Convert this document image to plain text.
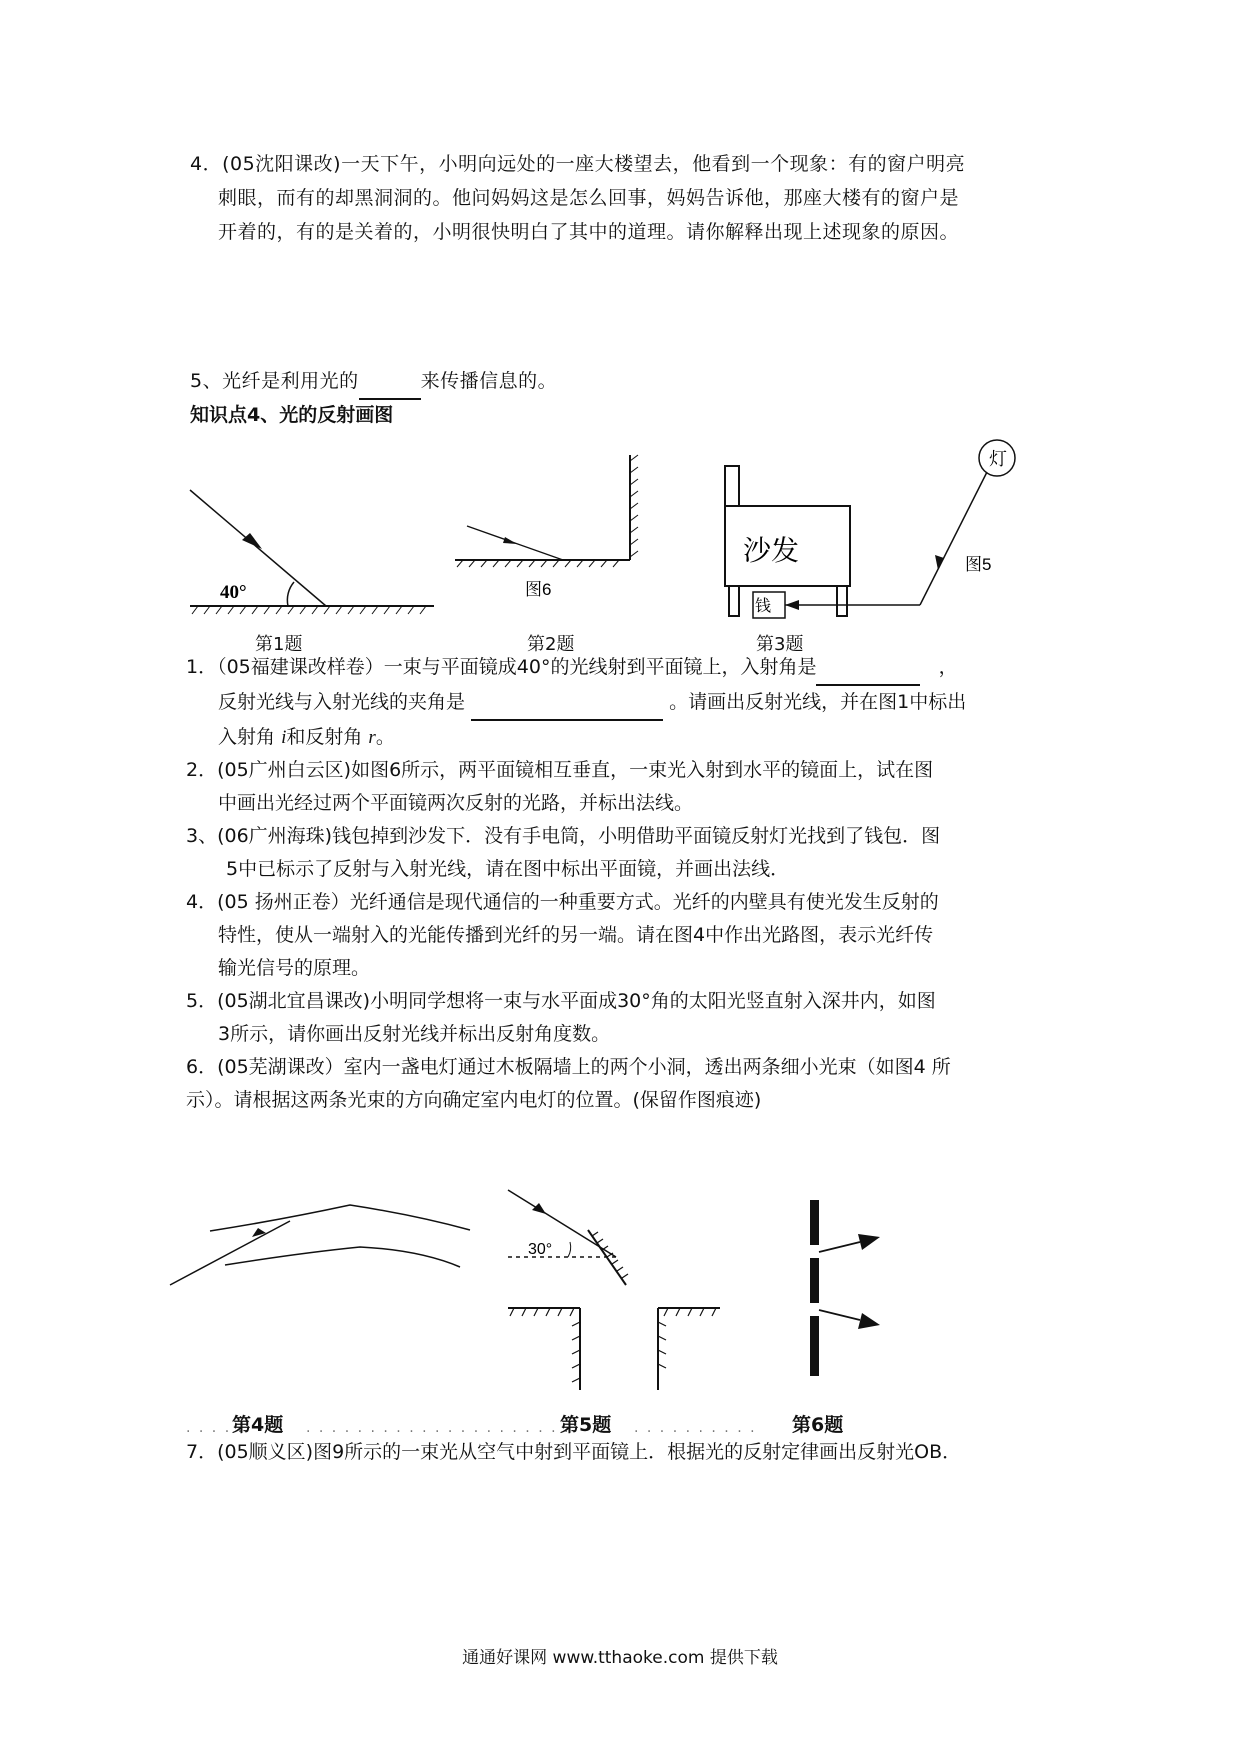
4．(05沈阳课改)一天下午，小明向远处的一座大楼望去，他看到一个现象：有的窗户明亮
刺眼，而有的却黑洞洞的。他问妈妈这是怎么回事，妈妈告诉他，那座大楼有的窗户是
开着的，有的是关着的，小明很快明白了其中的道理。请你解释出现上述现象的原因。
5、光纤是利用光的	来传播信息的。
知识点4、光的反射画图
40°	图6
沙发
钱
灯
图5
第1题	第2题	第3题
1．（05福建课改样卷）一束与平面镜成40°的光线射到平面镜上，入射角是	，
反射光线与入射光线的夹角是	。请画出反射光线，并在图1中标出
入射角 i和反射角 r。
2．(05广州白云区)如图6所示，两平面镜相互垂直，一束光入射到水平的镜面上，试在图
中画出光经过两个平面镜两次反射的光路，并标出法线。
3、(06广州海珠)钱包掉到沙发下．没有手电筒，小明借助平面镜反射灯光找到了钱包．图
5中已标示了反射与入射光线，请在图中标出平面镜，并画出法线．
4．(05 扬州正卷）光纤通信是现代通信的一种重要方式。光纤的内壁具有使光发生反射的
特性，使从一端射入的光能传播到光纤的另一端。请在图4中作出光路图，表示光纤传
输光信号的原理。
5．(05湖北宜昌课改)小明同学想将一束与水平面成30°角的太阳光竖直射入深井内，如图
3所示，请你画出反射光线并标出反射角度数。
6．(05芜湖课改）室内一盏电灯通过木板隔墙上的两个小洞，透出两条细小光束（如图4 所
示）。请根据这两条光束的方向确定室内电灯的位置。(保留作图痕迹)
30°
. . . . .
第4题 . . . . . . . . . . . . . . . . . . . . .
第5题 . . . . . . . . . . 第6题
7．(05顺义区)图9所示的一束光从空气中射到平面镜上．根据光的反射定律画出反射光OB．
通通好课网 www.tthaoke.com 提供下载
